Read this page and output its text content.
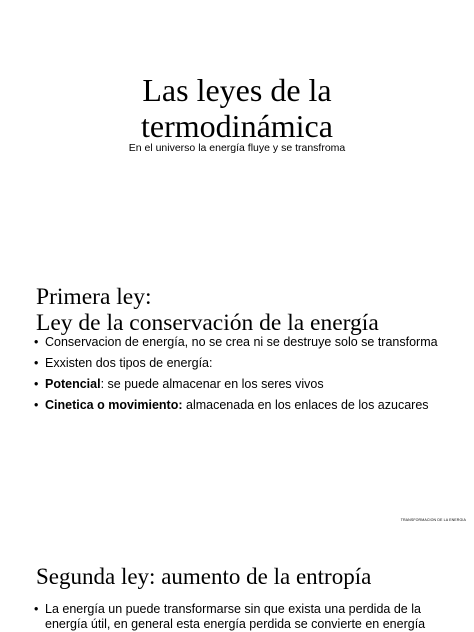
Las leyes de la
termodinámica
En el universo la energía fluye y se transfroma
Primera ley:
Ley de la conservación de la energía
• Conservacion de energía, no se crea ni se destruye solo se transforma
• Exxisten dos tipos de energía:
• Potencial: se puede almacenar en los seres vivos
• Cinetica o movimiento: almacenada en los enlaces de los azucares
TRANSFORMACION DE LA ENERGIA
Segunda ley: aumento de la entropía
• La energía un puede transformarse sin que exista una perdida de la energía útil, en general esta energía perdida se convierte en energía
